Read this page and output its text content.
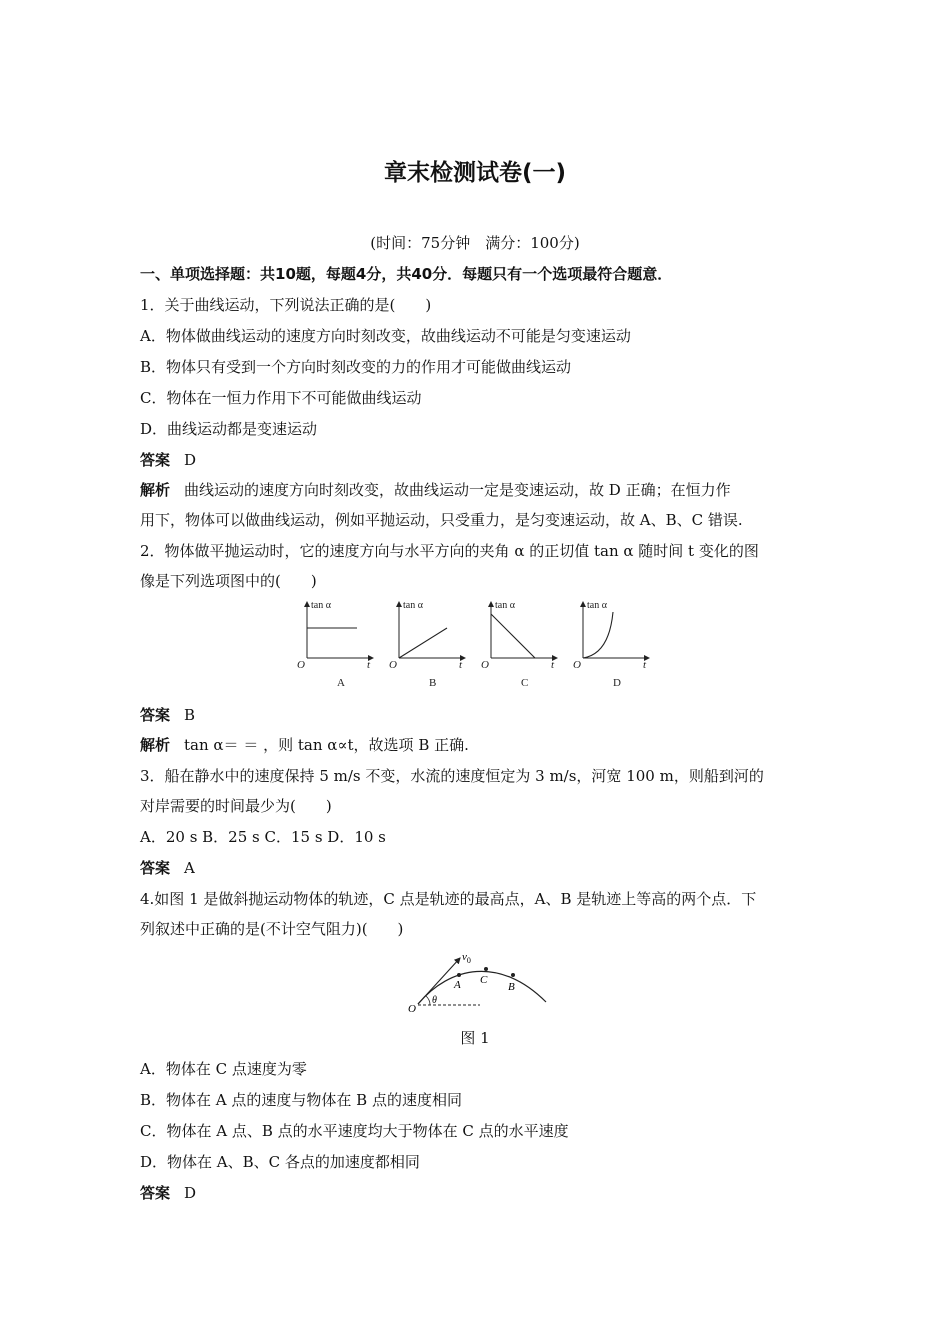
章末检测试卷(一)
(时间：75分钟　满分：100分)
一、单项选择题：共10题，每题4分，共40分．每题只有一个选项最符合题意．
1．关于曲线运动，下列说法正确的是(　　)
A．物体做曲线运动的速度方向时刻改变，故曲线运动不可能是匀变速运动
B．物体只有受到一个方向时刻改变的力的作用才可能做曲线运动
C．物体在一恒力作用下不可能做曲线运动
D．曲线运动都是变速运动
答案 D
解析 曲线运动的速度方向时刻改变，故曲线运动一定是变速运动，故 D 正确；在恒力作
用下，物体可以做曲线运动，例如平抛运动，只受重力，是匀变速运动，故 A、B、C 错误.
2．物体做平抛运动时，它的速度方向与水平方向的夹角 α 的正切值 tan α 随时间 t 变化的图
像是下列选项图中的(　　)
tan α
O	t
A
tan α
O	t
B
tan α
O	t
C
tan α
O	t
D
答案 B
解析 tan α＝ ＝ ，则 tan α∝t，故选项 B 正确.
3．船在静水中的速度保持 5 m/s 不变，水流的速度恒定为 3 m/s，河宽 100 m，则船到河的
对岸需要的时间最少为(　　)
A．20 s B．25 s C．15 s D．10 s
答案 A
4.如图 1 是做斜抛运动物体的轨迹，C 点是轨迹的最高点，A、B 是轨迹上等高的两个点．下
列叙述中正确的是(不计空气阻力)(　　)
$v_0$
A C
B
O
θ
图 1
A．物体在 C 点速度为零
B．物体在 A 点的速度与物体在 B 点的速度相同
C．物体在 A 点、B 点的水平速度均大于物体在 C 点的水平速度
D．物体在 A、B、C 各点的加速度都相同
答案 D
